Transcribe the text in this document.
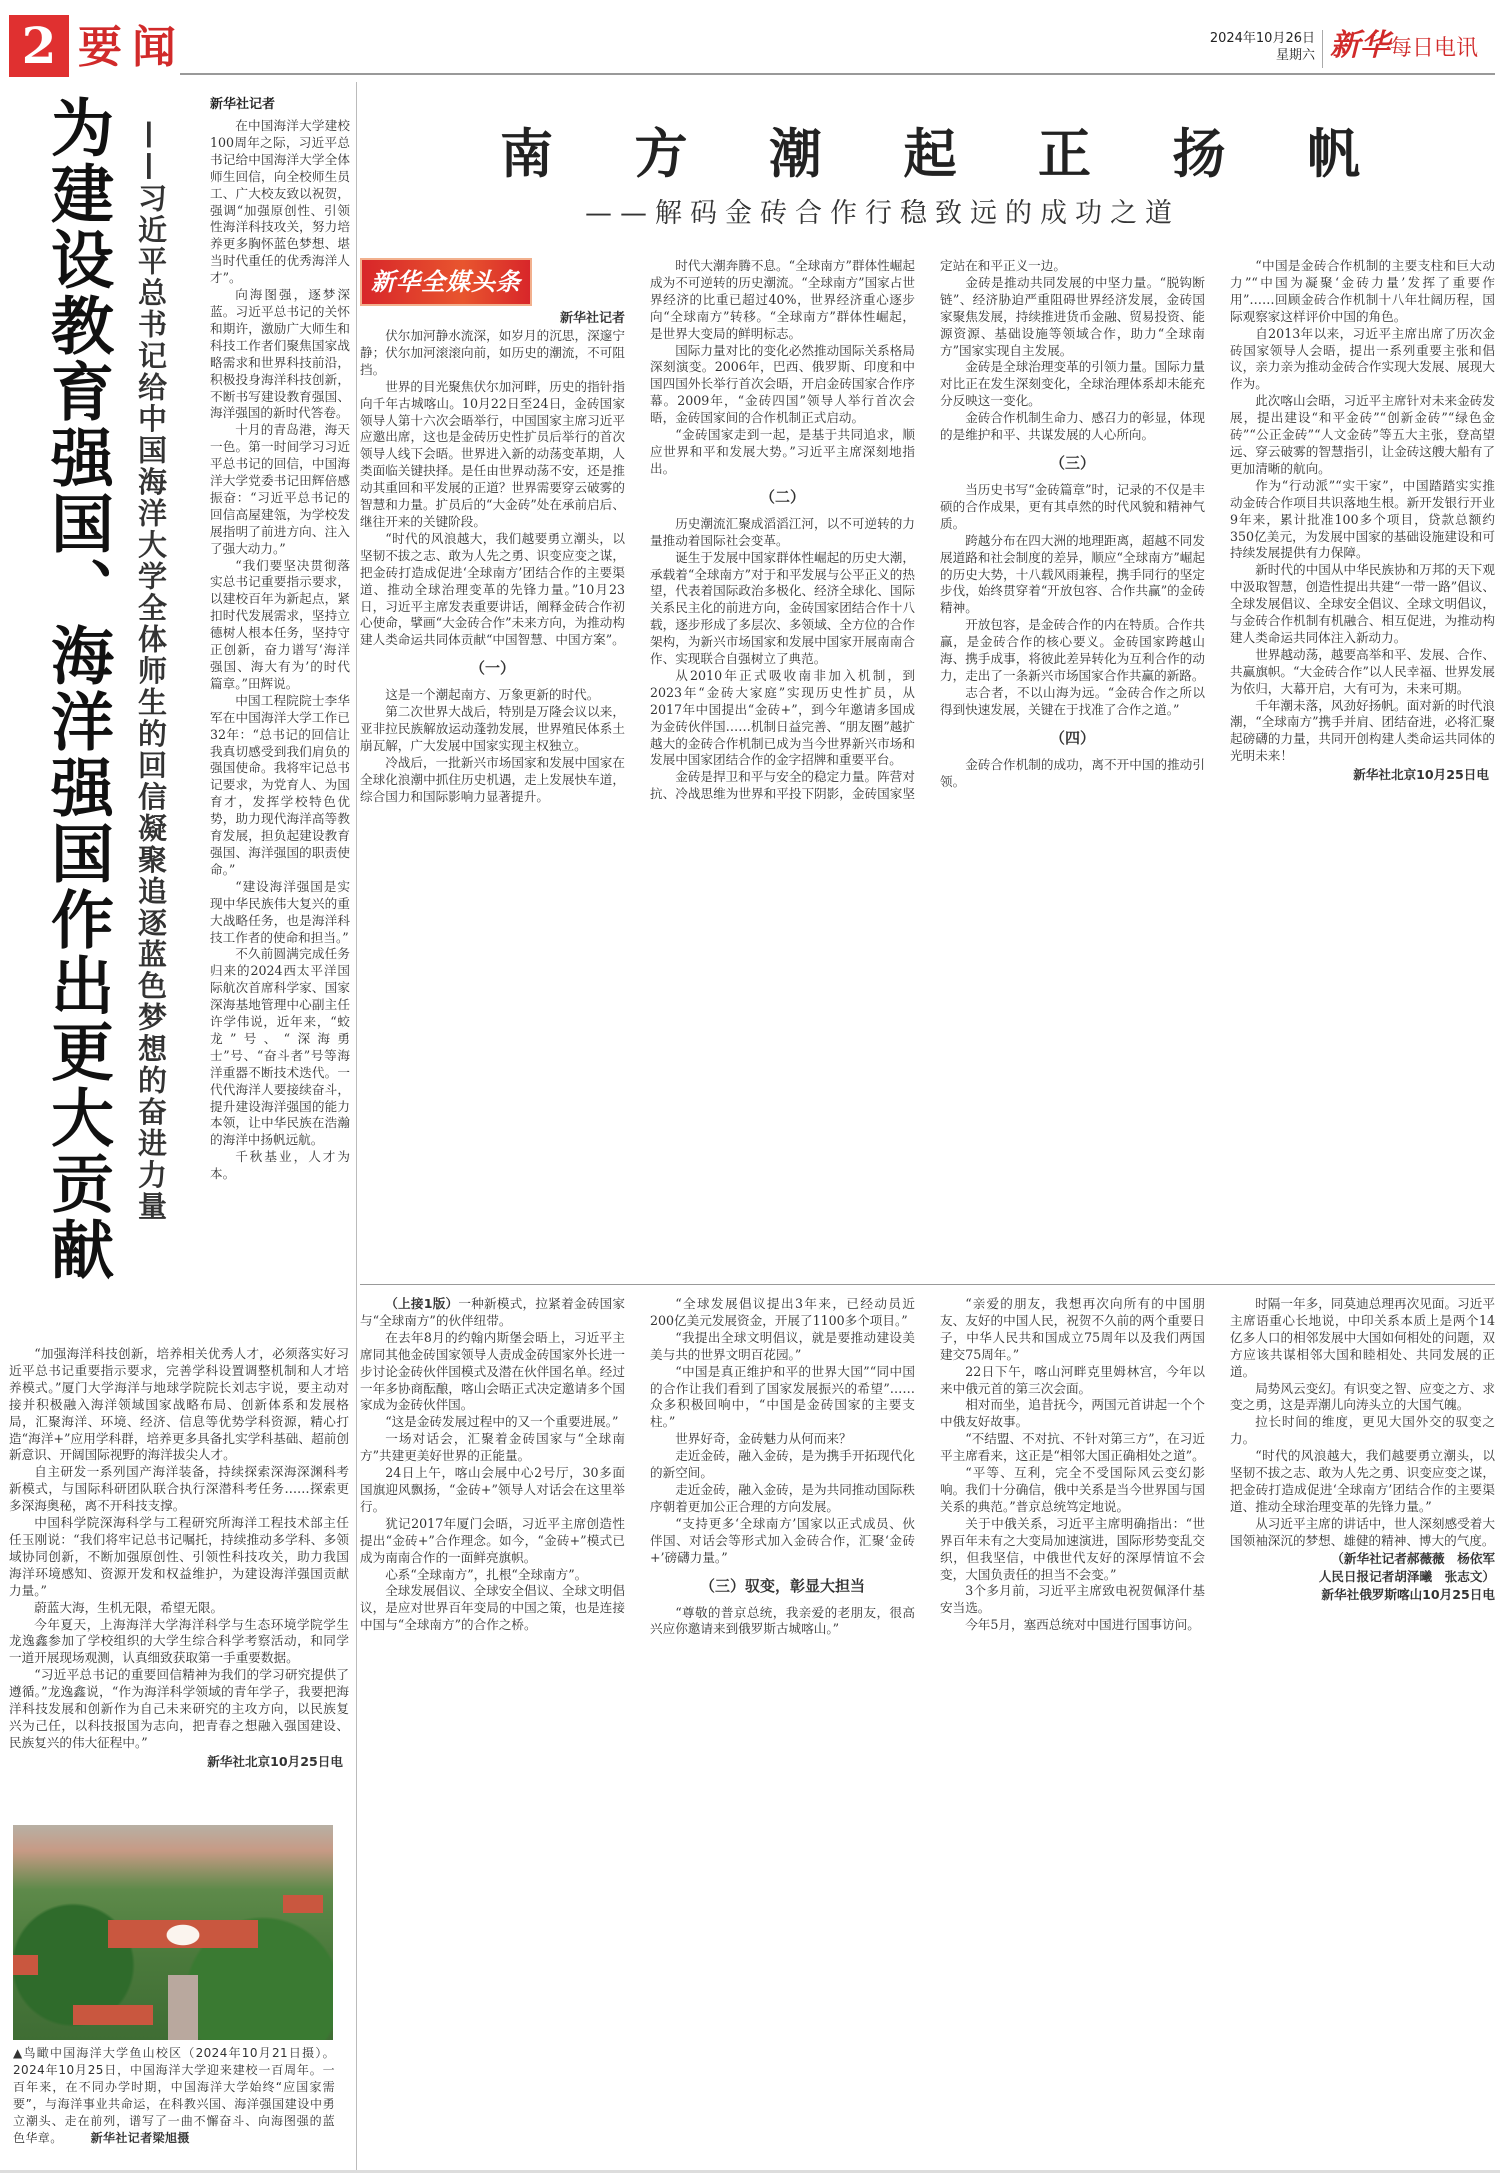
2 要闻	2024年10月26日
星期六 新华每日电讯
为建设教育强国、海洋强国作出更大贡献 ——习近平总书记给中国海洋大学全体师生的回信凝聚追逐蓝色梦想的奋进力量
新华社记者

在中国海洋大学建校100周年之际，习近平总书记给中国海洋大学全体师生回信，向全校师生员工、广大校友致以祝贺，强调“加强原创性、引领性海洋科技攻关，努力培养更多胸怀蓝色梦想、堪当时代重任的优秀海洋人才”。

向海图强，逐梦深蓝。习近平总书记的关怀和期许，激励广大师生和科技工作者们聚焦国家战略需求和世界科技前沿，积极投身海洋科技创新，不断书写建设教育强国、海洋强国的新时代答卷。

十月的青岛港，海天一色。第一时间学习习近平总书记的回信，中国海洋大学党委书记田辉倍感振奋：“习近平总书记的回信高屋建瓴，为学校发展指明了前进方向、注入了强大动力。”

“我们要坚决贯彻落实总书记重要指示要求，以建校百年为新起点，紧扣时代发展需求，坚持立德树人根本任务，坚持守正创新，奋力谱写‘海洋强国、海大有为’的时代篇章。”田辉说。

中国工程院院士李华军在中国海洋大学工作已32年：“总书记的回信让我真切感受到我们肩负的强国使命。我将牢记总书记要求，为党育人、为国育才，发挥学校特色优势，助力现代海洋高等教育发展，担负起建设教育强国、海洋强国的职责使命。”

“建设海洋强国是实现中华民族伟大复兴的重大战略任务，也是海洋科技工作者的使命和担当。”

不久前圆满完成任务归来的2024西太平洋国际航次首席科学家、国家深海基地管理中心副主任许学伟说，近年来，“蛟龙”号、“深海勇士”号、“奋斗者”号等海洋重器不断技术迭代。一代代海洋人要接续奋斗，提升建设海洋强国的能力本领，让中华民族在浩瀚的海洋中扬帆远航。

千秋基业，人才为本。

“加强海洋科技创新，培养相关优秀人才，必须落实好习近平总书记重要指示要求，完善学科设置调整机制和人才培养模式。”厦门大学海洋与地球学院院长刘志宇说，要主动对接并积极融入海洋领域国家战略布局、创新体系和发展格局，汇聚海洋、环境、经济、信息等优势学科资源，精心打造“海洋+”应用学科群，培养更多具备扎实学科基础、超前创新意识、开阔国际视野的海洋拔尖人才。

自主研发一系列国产海洋装备，持续探索深海深渊科考新模式，与国际科研团队联合执行深潜科考任务……探索更多深海奥秘，离不开科技支撑。

中国科学院深海科学与工程研究所海洋工程技术部主任任玉刚说：“我们将牢记总书记嘱托，持续推动多学科、多领域协同创新，不断加强原创性、引领性科技攻关，助力我国海洋环境感知、资源开发和权益维护，为建设海洋强国贡献力量。”

蔚蓝大海，生机无限，希望无限。

今年夏天，上海海洋大学海洋科学与生态环境学院学生龙逸鑫参加了学校组织的大学生综合科学考察活动，和同学一道开展现场观测，认真细致获取第一手重要数据。

“习近平总书记的重要回信精神为我们的学习研究提供了遵循。”龙逸鑫说，“作为海洋科学领域的青年学子，我要把海洋科技发展和创新作为自己未来研究的主攻方向，以民族复兴为己任，以科技报国为志向，把青春之想融入强国建设、民族复兴的伟大征程中。”

新华社北京10月25日电

▲鸟瞰中国海洋大学鱼山校区（2024年10月21日摄）。2024年10月25日，中国海洋大学迎来建校一百周年。一百年来，在不同办学时期，中国海洋大学始终“应国家需要”，与海洋事业共命运，在科教兴国、海洋强国建设中勇立潮头、走在前列，谱写了一曲不懈奋斗、向海图强的蓝色华章。 新华社记者梁旭摄
南 方 潮 起 正 扬 帆
——解码金砖合作行稳致远的成功之道
新华全媒头条

新华社记者

伏尔加河静水流深，如岁月的沉思，深邃宁静；伏尔加河滚滚向前，如历史的潮流，不可阻挡。

世界的目光聚焦伏尔加河畔，历史的指针指向千年古城喀山。10月22日至24日，金砖国家领导人第十六次会晤举行，中国国家主席习近平应邀出席，这也是金砖历史性扩员后举行的首次领导人线下会晤。世界进入新的动荡变革期，人类面临关键抉择。是任由世界动荡不安，还是推动其重回和平发展的正道？世界需要穿云破雾的智慧和力量。扩员后的“大金砖”处在承前启后、继往开来的关键阶段。

“时代的风浪越大，我们越要勇立潮头，以坚韧不拔之志、敢为人先之勇、识变应变之谋，把金砖打造成促进‘全球南方’团结合作的主要渠道、推动全球治理变革的先锋力量。”10月23日，习近平主席发表重要讲话，阐释金砖合作初心使命，擘画“大金砖合作”未来方向，为推动构建人类命运共同体贡献“中国智慧、中国方案”。

（一）

这是一个潮起南方、万象更新的时代。

第二次世界大战后，特别是万隆会议以来，亚非拉民族解放运动蓬勃发展，世界殖民体系土崩瓦解，广大发展中国家实现主权独立。

冷战后，一批新兴市场国家和发展中国家在全球化浪潮中抓住历史机遇，走上发展快车道，综合国力和国际影响力显著提升。

时代大潮奔腾不息。“全球南方”群体性崛起成为不可逆转的历史潮流。“全球南方”国家占世界经济的比重已超过40%，世界经济重心逐步向“全球南方”转移。“全球南方”群体性崛起，是世界大变局的鲜明标志。

国际力量对比的变化必然推动国际关系格局深刻演变。2006年，巴西、俄罗斯、印度和中国四国外长举行首次会晤，开启金砖国家合作序幕。2009年，“金砖四国”领导人举行首次会晤，金砖国家间的合作机制正式启动。

“金砖国家走到一起，是基于共同追求，顺应世界和平和发展大势。”习近平主席深刻地指出。

（二）

历史潮流汇聚成滔滔江河，以不可逆转的力量推动着国际社会变革。

诞生于发展中国家群体性崛起的历史大潮，承载着“全球南方”对于和平发展与公平正义的热望，代表着国际政治多极化、经济全球化、国际关系民主化的前进方向，金砖国家团结合作十八载，逐步形成了多层次、多领域、全方位的合作架构，为新兴市场国家和发展中国家开展南南合作、实现联合自强树立了典范。

从2010年正式吸收南非加入机制，到2023年“金砖大家庭”实现历史性扩员，从2017年中国提出“金砖+”，到今年邀请多国成为金砖伙伴国……机制日益完善、“朋友圈”越扩越大的金砖合作机制已成为当今世界新兴市场和发展中国家团结合作的金字招牌和重要平台。

金砖是捍卫和平与安全的稳定力量。阵营对抗、冷战思维为世界和平投下阴影，金砖国家坚定站在和平正义一边。

金砖是推动共同发展的中坚力量。“脱钩断链”、经济胁迫严重阻碍世界经济发展，金砖国家聚焦发展，持续推进货币金融、贸易投资、能源资源、基础设施等领域合作，助力“全球南方”国家实现自主发展。

金砖是全球治理变革的引领力量。国际力量对比正在发生深刻变化，全球治理体系却未能充分反映这一变化。

金砖合作机制生命力、感召力的彰显，体现的是维护和平、共谋发展的人心所向。

（三）

当历史书写“金砖篇章”时，记录的不仅是丰硕的合作成果，更有其卓然的时代风貌和精神气质。

跨越分布在四大洲的地理距离，超越不同发展道路和社会制度的差异，顺应“全球南方”崛起的历史大势，十八载风雨兼程，携手同行的坚定步伐，始终贯穿着“开放包容、合作共赢”的金砖精神。

开放包容，是金砖合作的内在特质。合作共赢，是金砖合作的核心要义。金砖国家跨越山海、携手成事，将彼此差异转化为互利合作的动力，走出了一条新兴市场国家合作共赢的新路。

志合者，不以山海为远。“金砖合作之所以得到快速发展，关键在于找准了合作之道。”

（四）

金砖合作机制的成功，离不开中国的推动引领。

“中国是金砖合作机制的主要支柱和巨大动力”“中国为凝聚‘金砖力量’发挥了重要作用”……回顾金砖合作机制十八年壮阔历程，国际观察家这样评价中国的角色。

自2013年以来，习近平主席出席了历次金砖国家领导人会晤，提出一系列重要主张和倡议，亲力亲为推动金砖合作实现大发展、展现大作为。

此次喀山会晤，习近平主席针对未来金砖发展，提出建设“和平金砖”“创新金砖”“绿色金砖”“公正金砖”“人文金砖”等五大主张，登高望远、穿云破雾的智慧指引，让金砖这艘大船有了更加清晰的航向。

作为“行动派”“实干家”，中国踏踏实实推动金砖合作项目共识落地生根。新开发银行开业9年来，累计批准100多个项目，贷款总额约350亿美元，为发展中国家的基础设施建设和可持续发展提供有力保障。

新时代的中国从中华民族协和万邦的天下观中汲取智慧，创造性提出共建“一带一路”倡议、全球发展倡议、全球安全倡议、全球文明倡议，与金砖合作机制有机融合、相互促进，为推动构建人类命运共同体注入新动力。

世界越动荡，越要高举和平、发展、合作、共赢旗帜。“大金砖合作”以人民幸福、世界发展为依归，大幕开启，大有可为，未来可期。

千年潮未落，风劲好扬帆。面对新的时代浪潮，“全球南方”携手并肩、团结奋进，必将汇聚起磅礴的力量，共同开创构建人类命运共同体的光明未来！

新华社北京10月25日电

（上接1版）一种新模式，拉紧着金砖国家与“全球南方”的伙伴纽带。

在去年8月的约翰内斯堡会晤上，习近平主席同其他金砖国家领导人责成金砖国家外长进一步讨论金砖伙伴国模式及潜在伙伴国名单。经过一年多协商酝酿，喀山会晤正式决定邀请多个国家成为金砖伙伴国。

“这是金砖发展过程中的又一个重要进展。”

一场对话会，汇聚着金砖国家与“全球南方”共建更美好世界的正能量。

24日上午，喀山会展中心2号厅，30多面国旗迎风飘扬，“金砖+”领导人对话会在这里举行。

犹记2017年厦门会晤，习近平主席创造性提出“金砖+”合作理念。如今，“金砖+”模式已成为南南合作的一面鲜亮旗帜。

心系“全球南方”，扎根“全球南方”。

全球发展倡议、全球安全倡议、全球文明倡议，是应对世界百年变局的中国之策，也是连接中国与“全球南方”的合作之桥。

“全球发展倡议提出3年来，已经动员近200亿美元发展资金，开展了1100多个项目。”

“我提出全球文明倡议，就是要推动建设美美与共的世界文明百花园。”

“中国是真正维护和平的世界大国”“同中国的合作让我们看到了国家发展振兴的希望”……众多积极回响中，“中国是金砖国家的主要支柱。”

世界好奇，金砖魅力从何而来？

走近金砖，融入金砖，是为携手开拓现代化的新空间。

走近金砖，融入金砖，是为共同推动国际秩序朝着更加公正合理的方向发展。

“支持更多‘全球南方’国家以正式成员、伙伴国、对话会等形式加入金砖合作，汇聚‘金砖+’磅礴力量。”

（三）驭变，彰显大担当

“尊敬的普京总统，我亲爱的老朋友，很高兴应你邀请来到俄罗斯古城喀山。”

“亲爱的朋友，我想再次向所有的中国朋友、友好的中国人民，祝贺不久前的两个重要日子，中华人民共和国成立75周年以及我们两国建交75周年。”

22日下午，喀山河畔克里姆林宫，今年以来中俄元首的第三次会面。

相对而坐，追昔抚今，两国元首讲起一个个中俄友好故事。

“不结盟、不对抗、不针对第三方”，在习近平主席看来，这正是“相邻大国正确相处之道”。

“平等、互利，完全不受国际风云变幻影响。我们十分确信，俄中关系是当今世界国与国关系的典范。”普京总统笃定地说。

关于中俄关系，习近平主席明确指出：“世界百年未有之大变局加速演进，国际形势变乱交织，但我坚信，中俄世代友好的深厚情谊不会变，大国负责任的担当不会变。”

3个多月前，习近平主席致电祝贺佩泽什基安当选。

今年5月，塞西总统对中国进行国事访问。

时隔一年多，同莫迪总理再次见面。习近平主席语重心长地说，中印关系本质上是两个14亿多人口的相邻发展中大国如何相处的问题，双方应该共谋相邻大国和睦相处、共同发展的正道。

局势风云变幻。有识变之智、应变之方、求变之勇，这是弄潮儿向涛头立的大国气魄。

拉长时间的维度，更见大国外交的驭变之力。

“时代的风浪越大，我们越要勇立潮头，以坚韧不拔之志、敢为人先之勇、识变应变之谋，把金砖打造成促进‘全球南方’团结合作的主要渠道、推动全球治理变革的先锋力量。”

从习近平主席的讲话中，世人深刻感受着大国领袖深沉的梦想、雄健的精神、博大的气度。

（新华社记者郝薇薇　杨依军

人民日报记者胡泽曦　张志文）

新华社俄罗斯喀山10月25日电
